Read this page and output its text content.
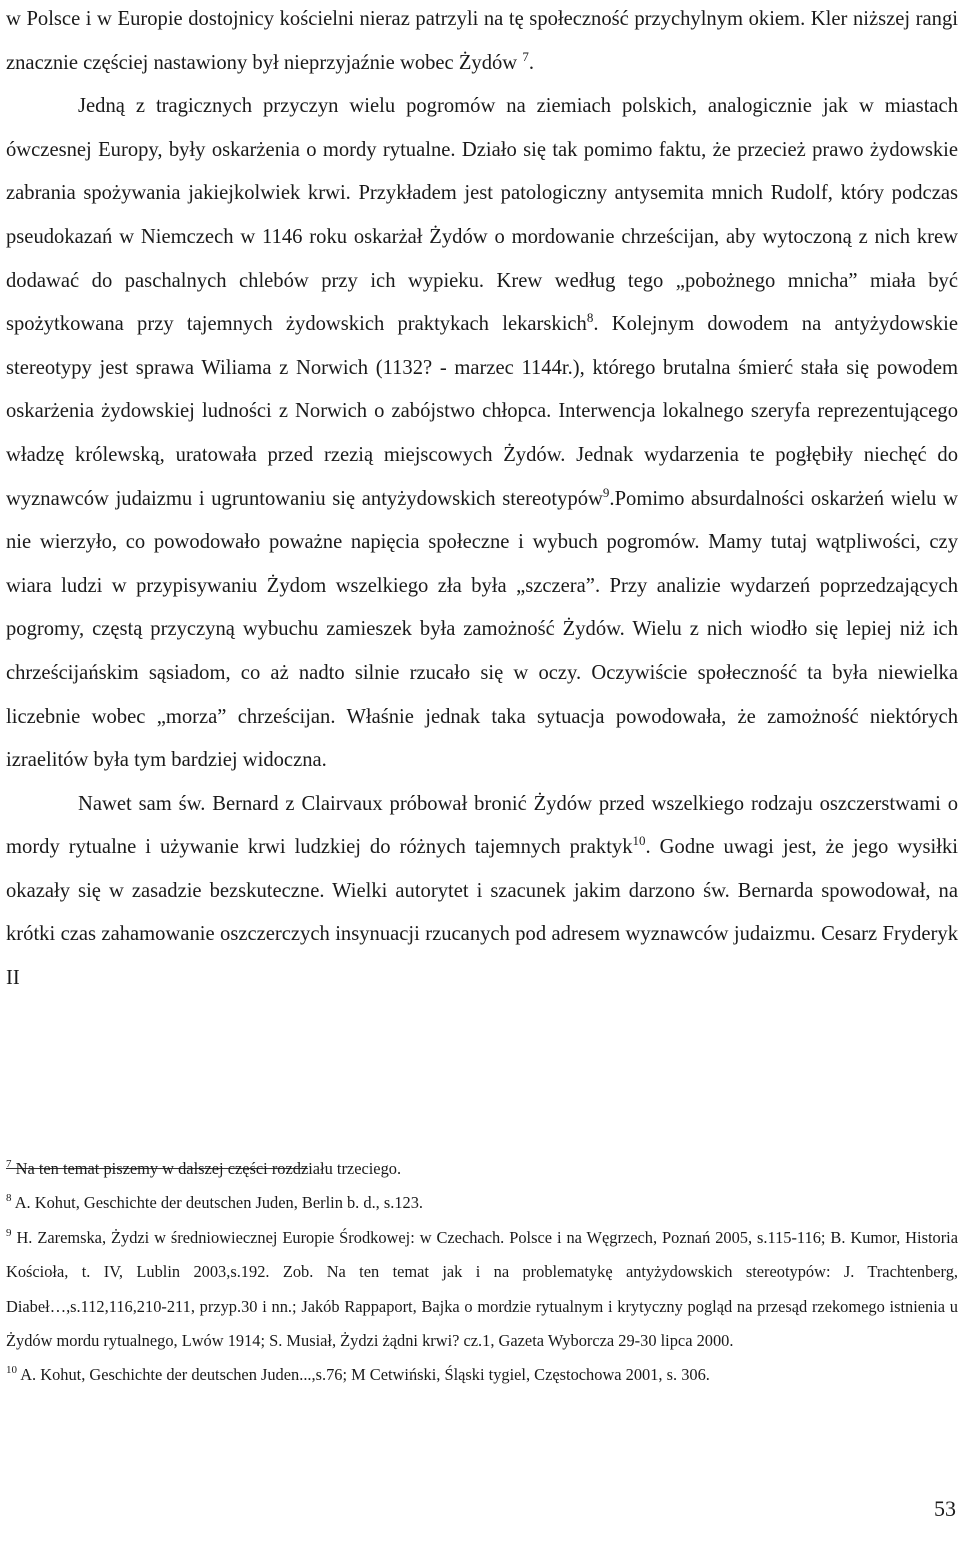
w Polsce i w Europie dostojnicy kościelni nieraz patrzyli na tę społeczność przychylnym okiem. Kler niższej rangi znacznie częściej nastawiony był nieprzyjaźnie wobec Żydów $^7$.

Jedną z tragicznych przyczyn wielu pogromów na ziemiach polskich, analogicznie jak w miastach ówczesnej Europy, były oskarżenia o mordy rytualne. Działo się tak pomimo faktu, że przecież prawo żydowskie zabrania spożywania jakiejkolwiek krwi. Przykładem jest patologiczny antysemita mnich Rudolf, który podczas pseudokazań w Niemczech w 1146 roku oskarżał Żydów o mordowanie chrześcijan, aby wytoczoną z nich krew dodawać do paschalnych chlebów przy ich wypieku. Krew według tego „pobożnego mnicha” miała być spożytkowana przy tajemnych żydowskich praktykach lekarskich$^8$. Kolejnym dowodem na antyżydowskie stereotypy jest sprawa Wiliama z Norwich (1132? - marzec 1144r.), którego brutalna śmierć stała się powodem oskarżenia żydowskiej ludności z Norwich o zabójstwo chłopca. Interwencja lokalnego szeryfa reprezentującego władzę królewską, uratowała przed rzezią miejscowych Żydów. Jednak wydarzenia te pogłębiły niechęć do wyznawców judaizmu i ugruntowaniu się antyżydowskich stereotypów$^9$.Pomimo absurdalności oskarżeń wielu w nie wierzyło, co powodowało poważne napięcia społeczne i wybuch pogromów. Mamy tutaj wątpliwości, czy wiara ludzi w przypisywaniu Żydom wszelkiego zła była „szczera”. Przy analizie wydarzeń poprzedzających pogromy, częstą przyczyną wybuchu zamieszek była zamożność Żydów. Wielu z nich wiodło się lepiej niż ich chrześcijańskim sąsiadom, co aż nadto silnie rzucało się w oczy. Oczywiście społeczność ta była niewielka liczebnie wobec „morza” chrześcijan. Właśnie jednak taka sytuacja powodowała, że zamożność niektórych izraelitów była tym bardziej widoczna.

Nawet sam św. Bernard z Clairvaux próbował bronić Żydów przed wszelkiego rodzaju oszczerstwami o mordy rytualne i używanie krwi ludzkiej do różnych tajemnych praktyk$^{10}$. Godne uwagi jest, że jego wysiłki okazały się w zasadzie bezskuteczne. Wielki autorytet i szacunek jakim darzono św. Bernarda spowodował, na krótki czas zahamowanie oszczerczych insynuacji rzucanych pod adresem wyznawców judaizmu. Cesarz Fryderyk II

$^7$ Na ten temat piszemy w dalszej części rozdziału trzeciego.

$^8$ A. Kohut, Geschichte der deutschen Juden, Berlin b. d., s.123.

$^9$ H. Zaremska, Żydzi w średniowiecznej Europie Środkowej: w Czechach. Polsce i na Węgrzech, Poznań 2005, s.115-116; B. Kumor, Historia Kościoła, t. IV, Lublin 2003,s.192. Zob. Na ten temat jak i na problematykę antyżydowskich stereotypów: J. Trachtenberg, Diabeł…,s.112,116,210-211, przyp.30 i nn.; Jakób Rappaport, Bajka o mordzie rytualnym i krytyczny pogląd na przesąd rzekomego istnienia u Żydów mordu rytualnego, Lwów 1914; S. Musiał, Żydzi żądni krwi? cz.1, Gazeta Wyborcza 29-30 lipca 2000.

$^{10}$ A. Kohut, Geschichte der deutschen Juden...,s.76; M Cetwiński, Śląski tygiel, Częstochowa 2001, s. 306.

53
